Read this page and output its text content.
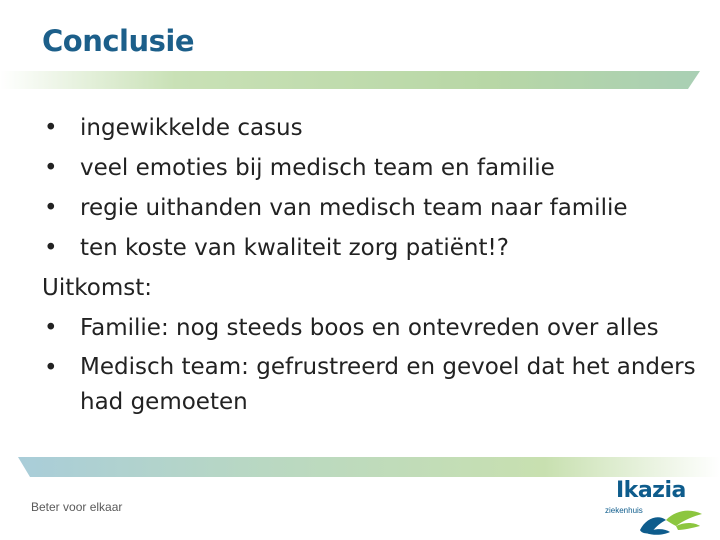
Conclusie
• ingewikkelde casus
• veel emoties bij medisch team en familie
• regie uithanden van medisch team naar familie
• ten koste van kwaliteit zorg patiënt!?
Uitkomst:
• Familie: nog steeds boos en ontevreden over alles
• Medisch team: gefrustreerd en gevoel dat het anders had gemoeten
Beter voor elkaar
Ikazia
ziekenhuis
